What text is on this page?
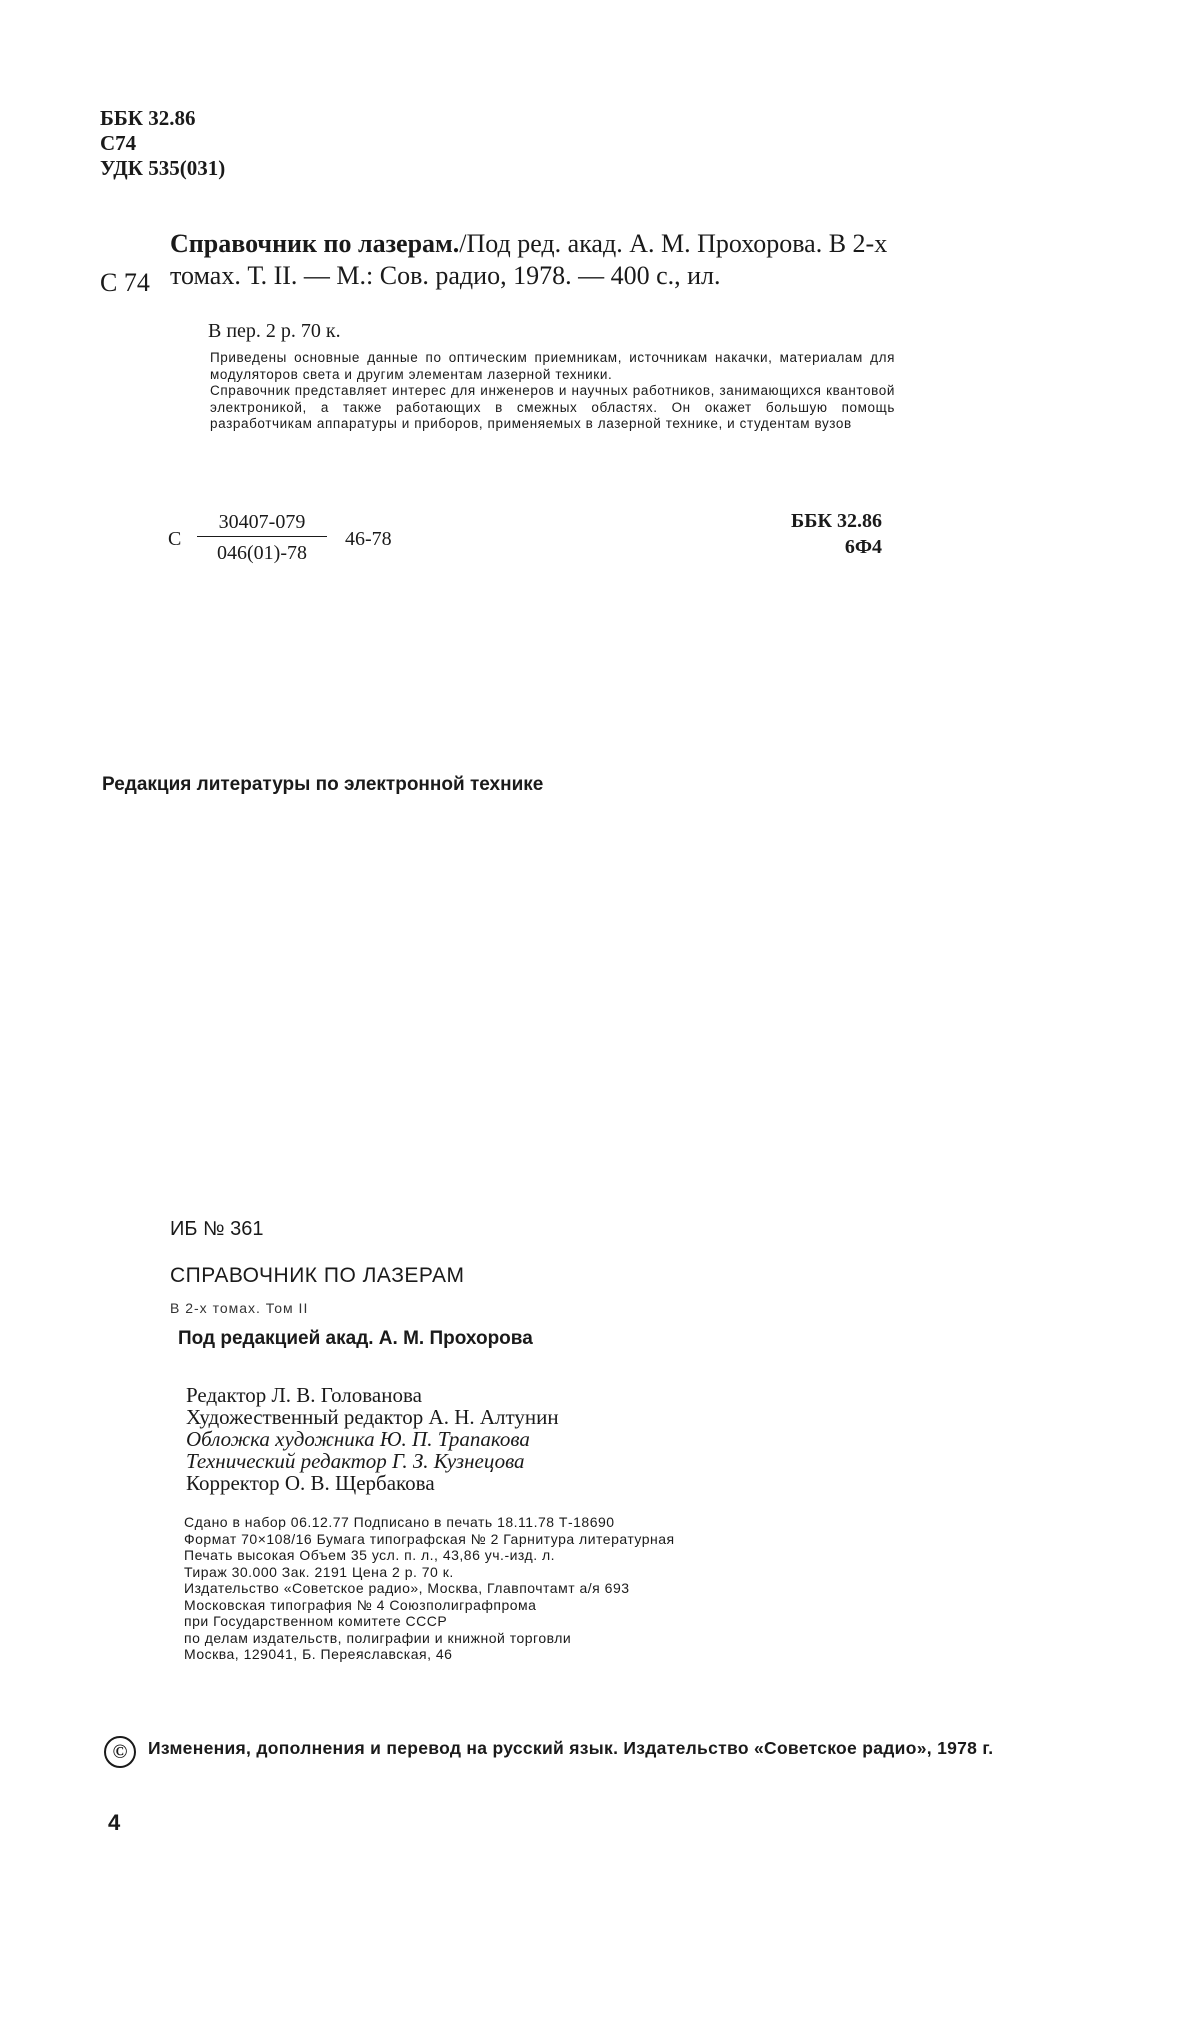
ББК 32.86
С74
УДК 535(031)
С 74
Справочник по лазерам./Под ред. акад. А. М. Прохорова. В 2-х томах. Т. II. — М.: Сов. радио, 1978. — 400 с., ил.
В пер. 2 р. 70 к.

Приведены основные данные по оптическим приемникам, источникам накачки, материалам для модуляторов света и другим элементам лазерной техники.

Справочник представляет интерес для инженеров и научных работников, занимающихся квантовой электроникой, а также работающих в смежных областях. Он окажет большую помощь разработчикам аппаратуры и приборов, применяемых в лазерной технике, и студентам вузов

С $\frac{30407-079}{046(01)-78} 46-78$
ББК 32.86
6Ф4
Редакция литературы по электронной технике
ИБ № 361
СПРАВОЧНИК ПО ЛАЗЕРАМ
В 2-х томах. Том II
Под редакцией акад. А. М. Прохорова
Редактор Л. В. Голованова
Художественный редактор А. Н. Алтунин
Обложка художника Ю. П. Трапакова
Технический редактор Г. З. Кузнецова
Корректор О. В. Щербакова
Сдано в набор 06.12.77 Подписано в печать 18.11.78 Т-18690
Формат 70×108/16 Бумага типографская № 2 Гарнитура литературная
Печать высокая Объем 35 усл. п. л., 43,86 уч.-изд. л.
Тираж 30.000 Зак. 2191 Цена 2 р. 70 к.
Издательство «Советское радио», Москва, Главпочтамт а/я 693
Московская типография № 4 Союзполиграфпрома
при Государственном комитете СССР
по делам издательств, полиграфии и книжной торговли
Москва, 129041, Б. Переяславская, 46
©	Изменения, дополнения и перевод на русский язык. Издательство «Советское радио», 1978 г.
4
